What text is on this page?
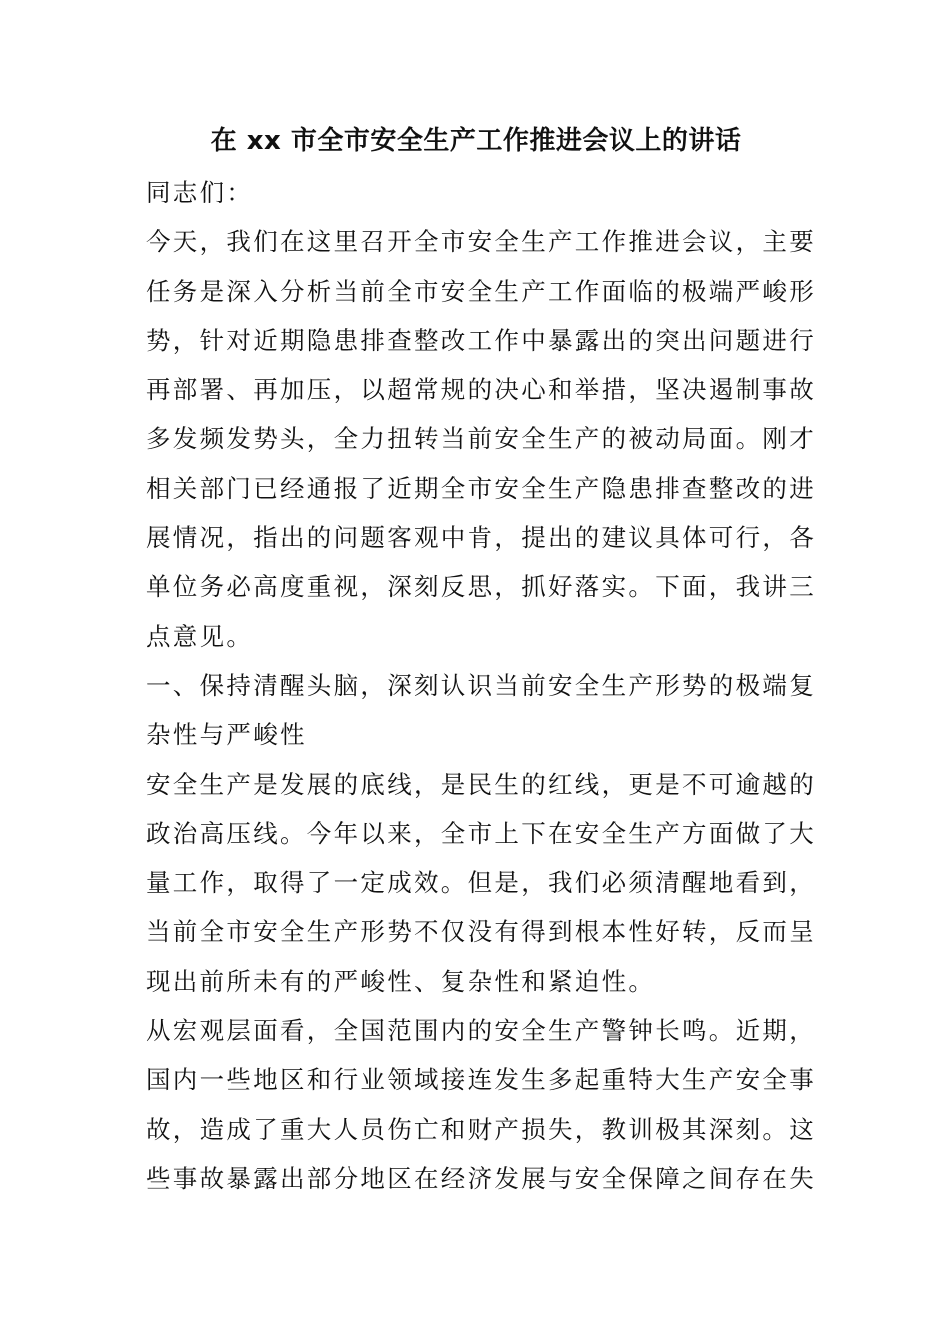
在 xx 市全市安全生产工作推进会议上的讲话
同志们：
今天，我们在这里召开全市安全生产工作推进会议，主要
任务是深入分析当前全市安全生产工作面临的极端严峻形
势，针对近期隐患排查整改工作中暴露出的突出问题进行
再部署、再加压，以超常规的决心和举措，坚决遏制事故
多发频发势头，全力扭转当前安全生产的被动局面。刚才
相关部门已经通报了近期全市安全生产隐患排查整改的进
展情况，指出的问题客观中肯，提出的建议具体可行，各
单位务必高度重视，深刻反思，抓好落实。下面，我讲三
点意见。
一、保持清醒头脑，深刻认识当前安全生产形势的极端复
杂性与严峻性
安全生产是发展的底线，是民生的红线，更是不可逾越的
政治高压线。今年以来，全市上下在安全生产方面做了大
量工作，取得了一定成效。但是，我们必须清醒地看到，
当前全市安全生产形势不仅没有得到根本性好转，反而呈
现出前所未有的严峻性、复杂性和紧迫性。
从宏观层面看，全国范围内的安全生产警钟长鸣。近期，
国内一些地区和行业领域接连发生多起重特大生产安全事
故，造成了重大人员伤亡和财产损失，教训极其深刻。这
些事故暴露出部分地区在经济发展与安全保障之间存在失
